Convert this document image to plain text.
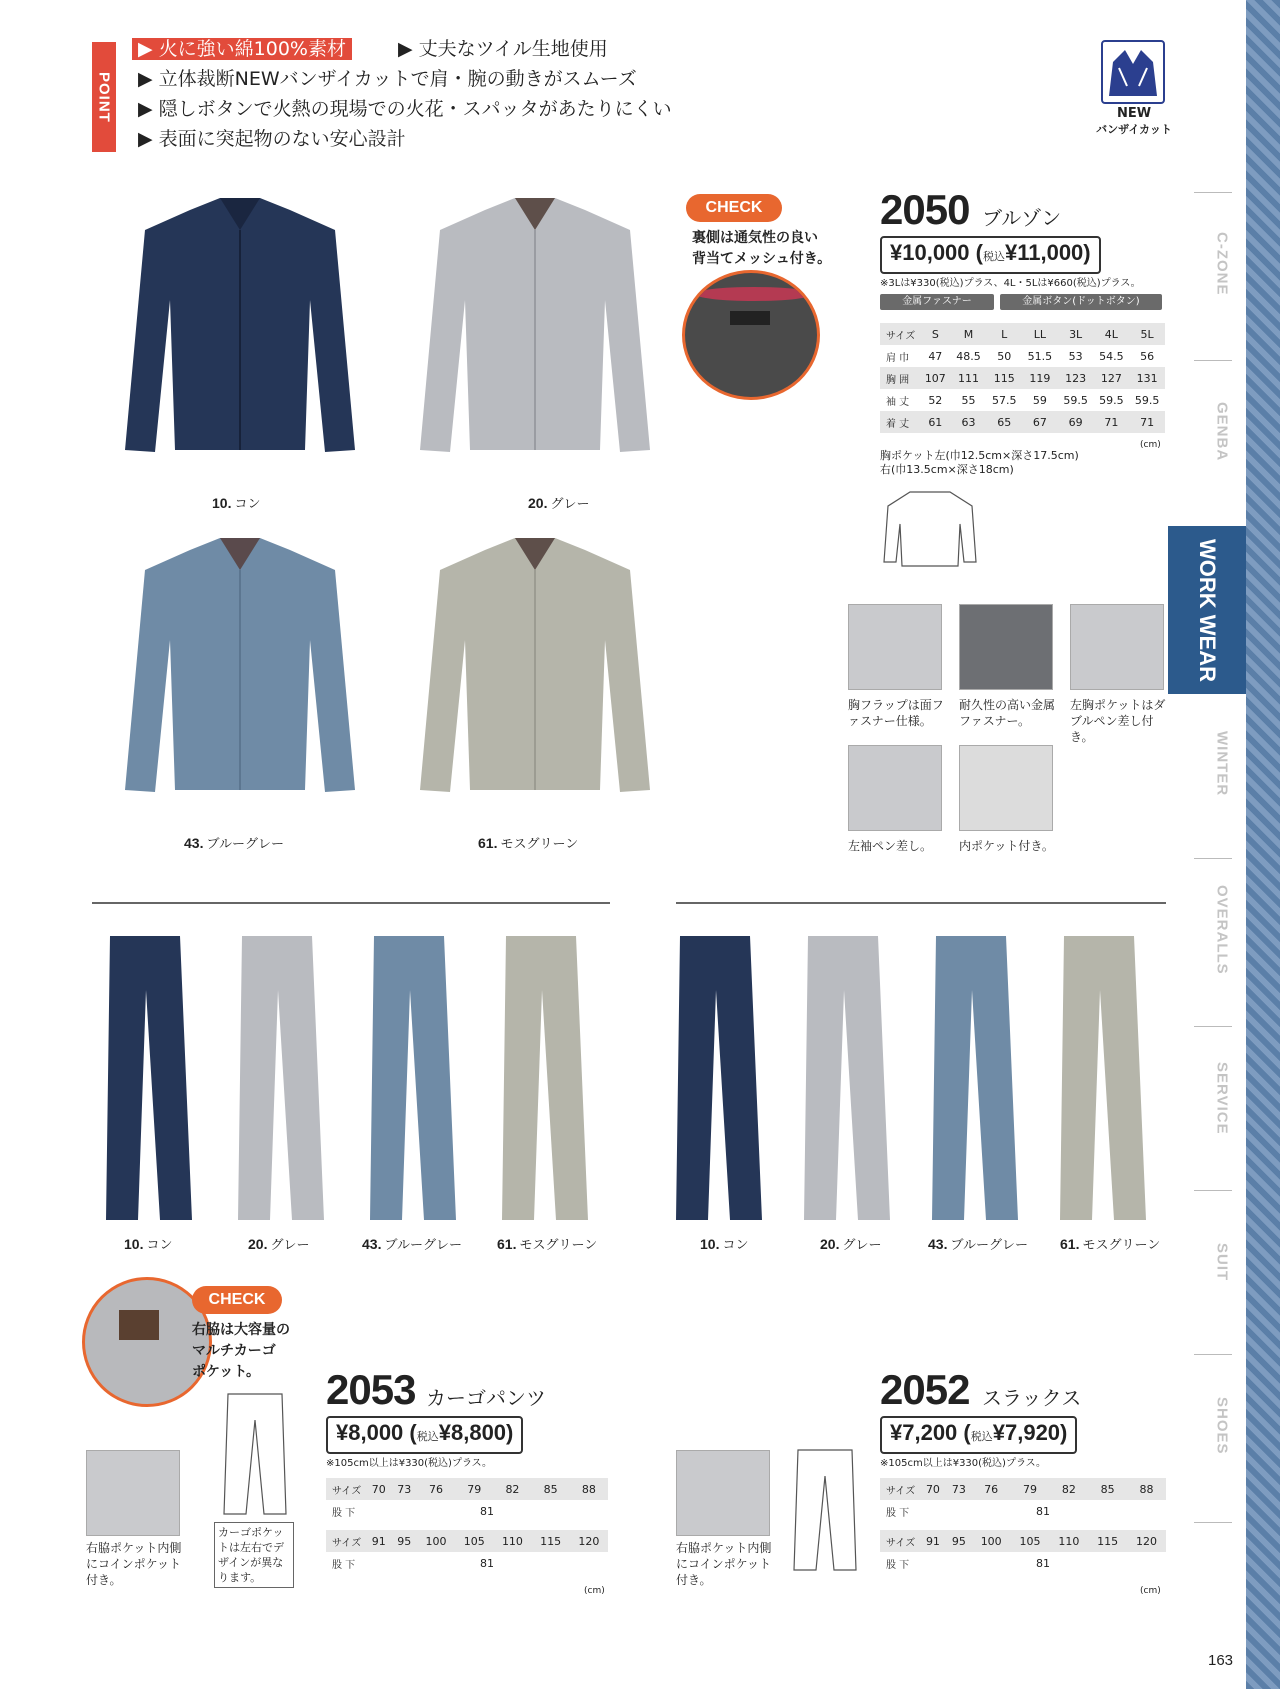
POINT
▶ 火に強い綿100%素材	▶ 丈夫なツイル生地使用
▶ 立体裁断NEWバンザイカットで肩・腕の動きがスムーズ
▶ 隠しボタンで火熱の現場での火花・スパッタがあたりにくい
▶ 表面に突起物のない安心設計
NEW
バンザイカット
10. コン	20. グレー
43. ブルーグレー	61. モスグリーン
CHECK
裏側は通気性の良い
背当てメッシュ付き。
2050 ブルゾン
¥10,000 (税込¥11,000)
※3Lは¥330(税込)プラス、4L・5Lは¥660(税込)プラス。
金属ファスナー	金属ボタン(ドットボタン)
サイズ	S	M	L	LL	3L	4L	5L
肩 巾	47	48.5	50	51.5	53	54.5	56
胸 囲	107	111	115	119	123	127	131
袖 丈	52	55	57.5	59	59.5	59.5	59.5
着 丈	61	63	65	67	69	71	71
(cm)
胸ポケット左(巾12.5cm×深さ17.5cm)
右(巾13.5cm×深さ18cm)
胸フラップは面ファスナー仕様。
耐久性の高い金属ファスナー。
左胸ポケットはダブルペン差し付き。
左袖ペン差し。	内ポケット付き。
10. コン	20. グレー	43. ブルーグレー	61. モスグリーン	10. コン	20. グレー	43. ブルーグレー 61. モスグリーン
CHECK
右脇は大容量の
マルチカーゴ
ポケット。	2053 カーゴパンツ
¥8,000 (税込¥8,800)
※105cm以上は¥330(税込)プラス。
カーゴポケットは左右でデザインが異なります。
右脇ポケット内側にコインポケット付き。
サイズ	70	73	76	79	82	85	88
股 下	81						

サイズ	91	95	100	105	110	115	120
股 下	81						
(cm)
2052 スラックス
¥7,200 (税込¥7,920)
※105cm以上は¥330(税込)プラス。
右脇ポケット内側にコインポケット付き。
サイズ	70	73	76	79	82	85	88
股 下	81						

サイズ	91	95	100	105	110	115	120
股 下	81						
(cm)
C-ZONE
GENBA
WORK WEAR
WINTER
OVERALLS
SERVICE
SUIT
SHOES
163
